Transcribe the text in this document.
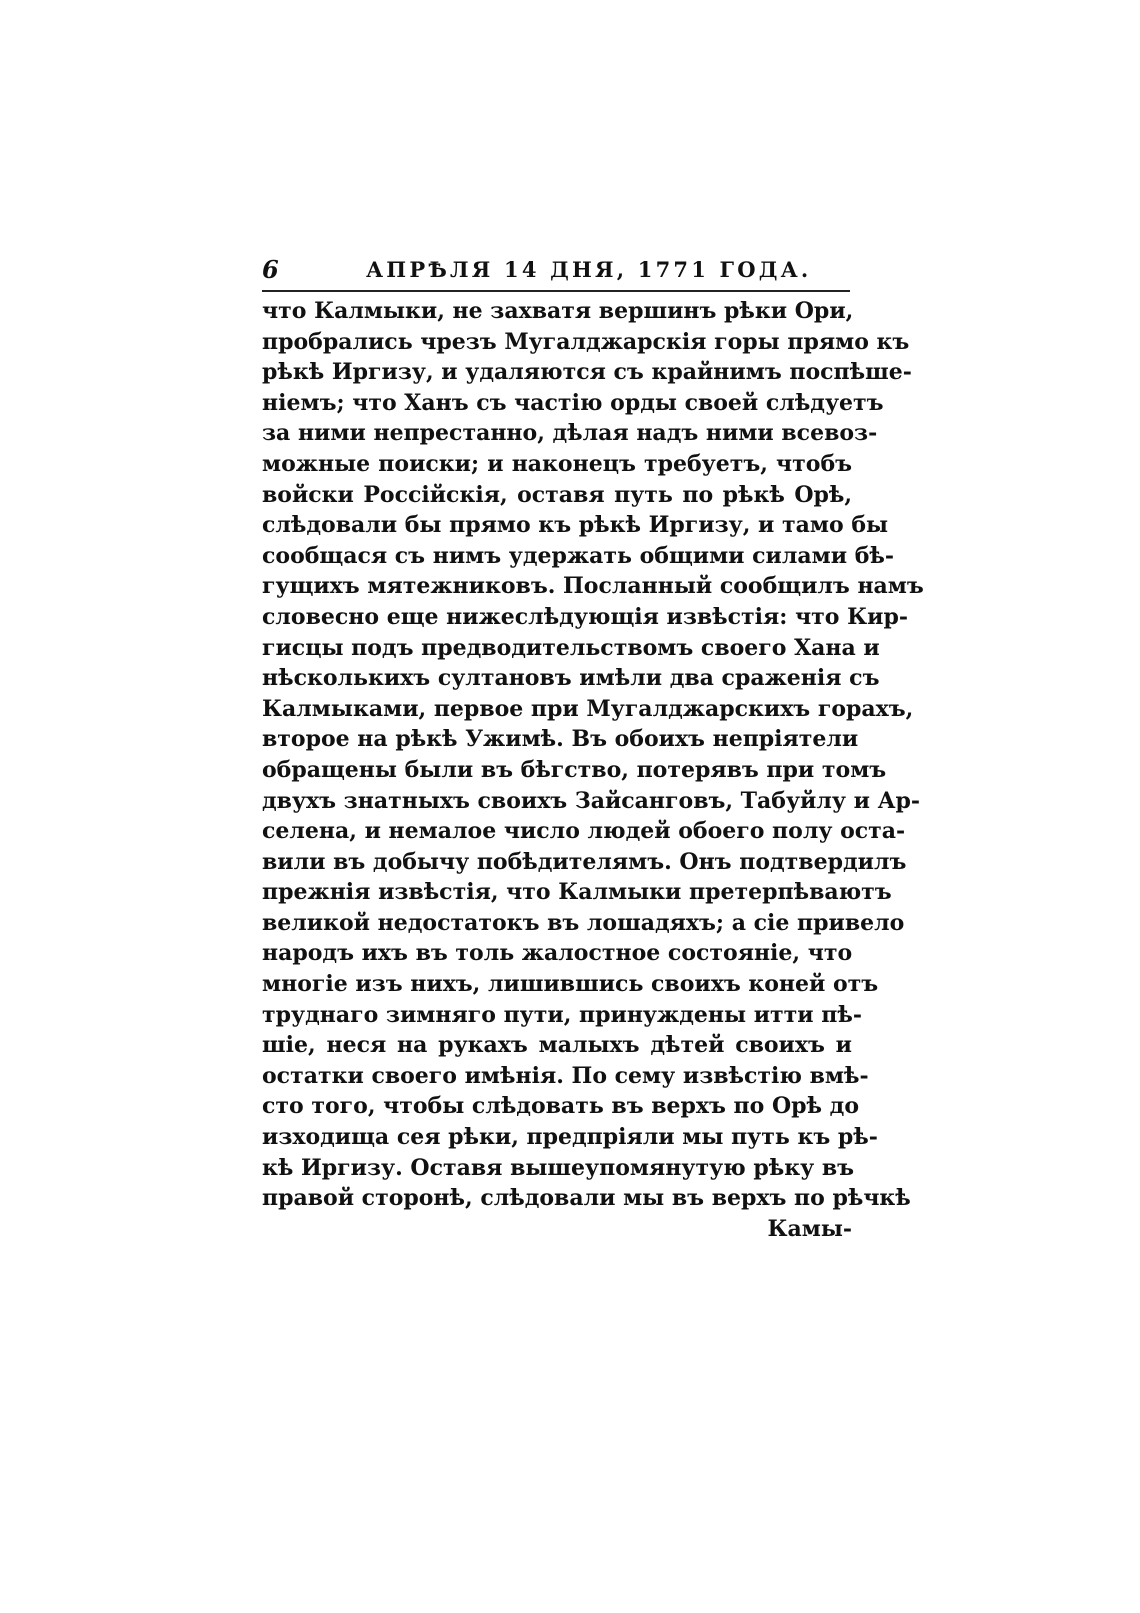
6	АПРѢЛЯ 14 ДНЯ, 1771 ГОДА.
что Калмыки, не захватя вершинъ рѣки Ори,
пробрались чрезъ Мугалджарскія горы прямо къ
рѣкѣ Иргизу, и удаляются съ крайнимъ поспѣше-
ніемъ; что Ханъ съ частію орды своей слѣдуетъ
за ними непрестанно, дѣлая надъ ними всевоз-
можные поиски; и наконецъ требуетъ, чтобъ
войски Россійскія, оставя путь по рѣкѣ Орѣ,
слѣдовали бы прямо къ рѣкѣ Иргизу, и тамо бы
сообщася съ нимъ удержать общими силами бѣ-
гущихъ мятежниковъ. Посланный сообщилъ намъ
словесно еще нижеслѣдующія извѣстія: что Кир-
гисцы подъ предводительствомъ своего Хана и
нѣсколькихъ султановъ имѣли два сраженія съ
Калмыками, первое при Мугалджарскихъ горахъ,
второе на рѣкѣ Ужимѣ. Въ обоихъ непріятели
обращены были въ бѣгство, потерявъ при томъ
двухъ знатныхъ своихъ Зайсанговъ, Табуйлу и Ар-
селена, и немалое число людей обоего полу оста-
вили въ добычу побѣдителямъ. Онъ подтвердилъ
прежнія извѣстія, что Калмыки претерпѣваютъ
великой недостатокъ въ лошадяхъ; а сіе привело
народъ ихъ въ толь жалостное состояніе, что
многіе изъ нихъ, лишившись своихъ коней отъ
труднаго зимняго пути, принуждены итти пѣ-
шіе, неся на рукахъ малыхъ дѣтей своихъ и
остатки своего имѣнія. По сему извѣстію вмѣ-
сто того, чтобы слѣдовать въ верхъ по Орѣ до
изходища сея рѣки, предпріяли мы путь къ рѣ-
кѣ Иргизу. Оставя вышеупомянутую рѣку въ
правой сторонѣ, слѣдовали мы въ верхъ по рѣчкѣ
Камы-
